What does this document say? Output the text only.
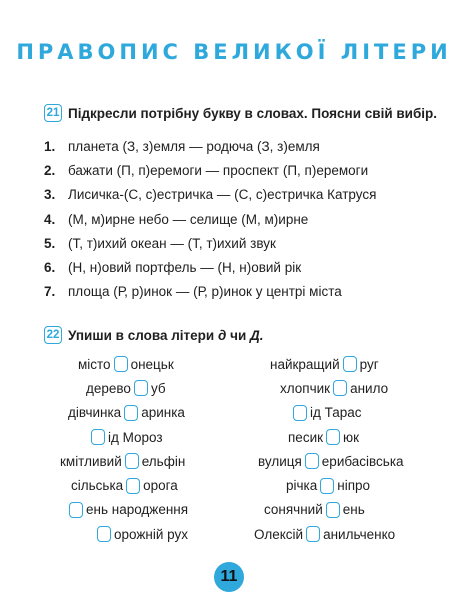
ПРАВОПИС ВЕЛИКОЇ ЛІТЕРИ
21 Підкресли потрібну букву в словах. Поясни свій вибір.
1. планета (З, з)емля — родюча (З, з)емля
2. бажати (П, п)еремоги — проспект (П, п)еремоги
3. Лисичка-(С, с)естричка — (С, с)естричка Катруся
4. (М, м)ирне небо — селище (М, м)ирне
5. (Т, т)ихий океан — (Т, т)ихий звук
6. (Н, н)овий портфель — (Н, н)овий рік
7. площа (Р, р)инок — (Р, р)инок у центрі міста
22 Упиши в слова літери
д
чи
Д.
місто онецьк
дерево уб
дівчинка аринка
ід Мороз
кмітливий ельфін
сільська орога
ень народження
орожній рух
найкращий руг
хлопчик анило
ід Тарас
песик юк
вулиця ерибасівська
річка ніпро
сонячний ень
Олексій анильченко
11
